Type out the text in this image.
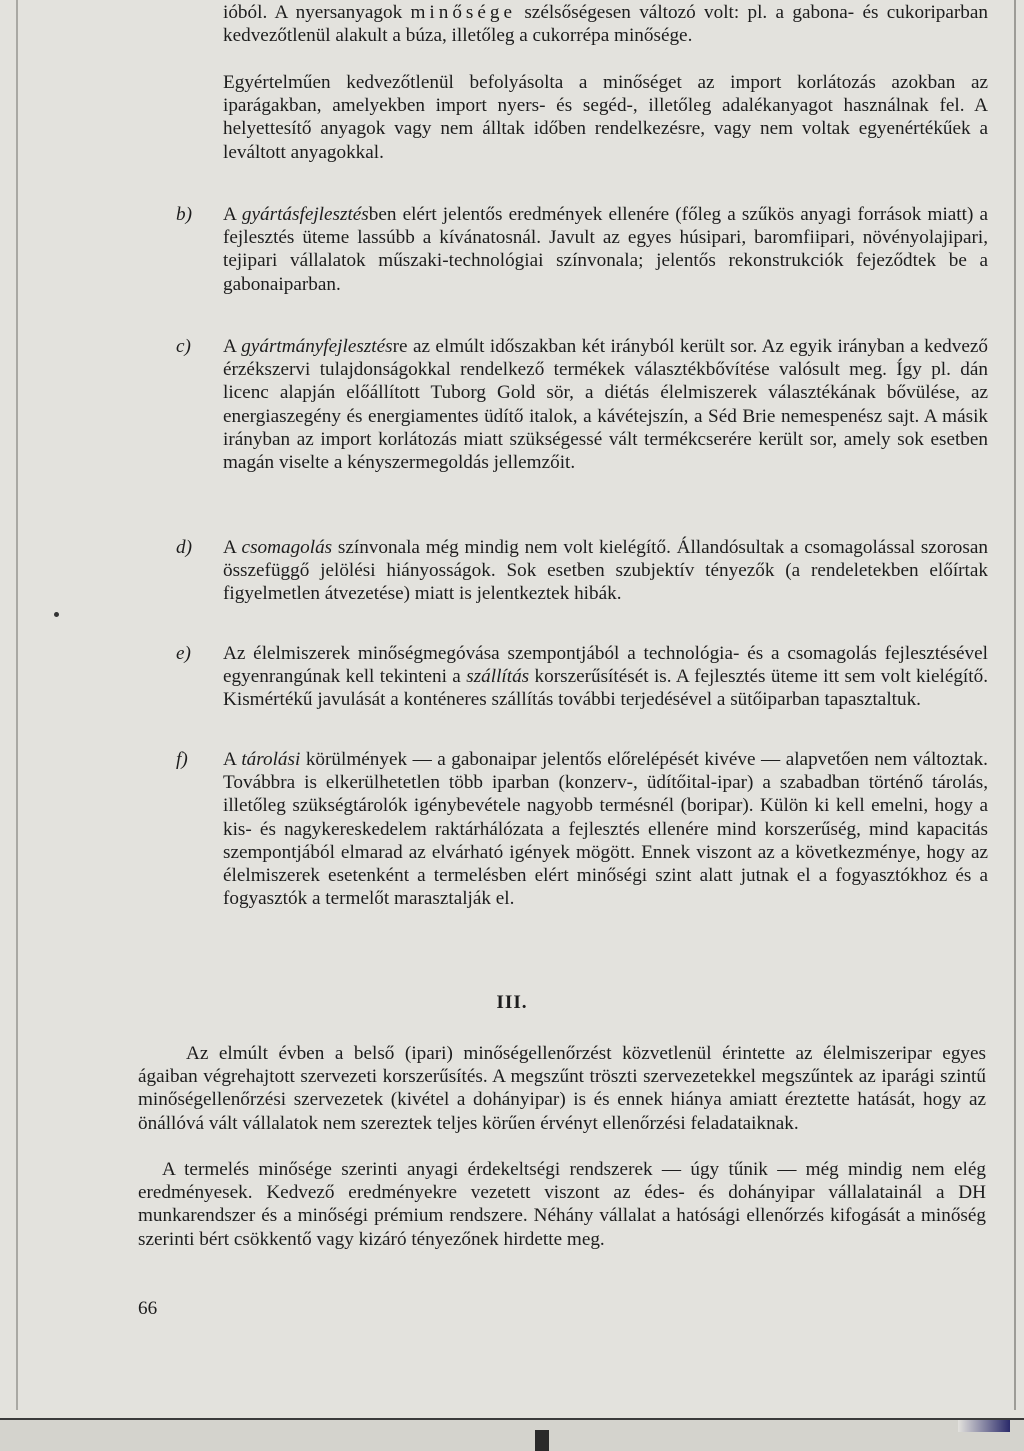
ióból. A nyersanyagok minősége szélsőségesen változó volt: pl. a gabona- és cukoriparban kedvezőtlenül alakult a búza, illetőleg a cukorrépa minősége.
Egyértelműen kedvezőtlenül befolyásolta a minőséget az import korlátozás azokban az iparágakban, amelyekben import nyers- és segéd-, illetőleg adalékanyagot használnak fel. A helyettesítő anyagok vagy nem álltak időben rendelkezésre, vagy nem voltak egyenértékűek a leváltott anyagokkal.
b) A gyártásfejlesztésben elért jelentős eredmények ellenére (főleg a szűkös anyagi források miatt) a fejlesztés üteme lassúbb a kívánatosnál. Javult az egyes húsipari, baromfiipari, növényolajipari, tejipari vállalatok műszaki-technológiai színvonala; jelentős rekonstrukciók fejeződtek be a gabonaiparban.
c) A gyártmányfejlesztésre az elmúlt időszakban két irányból került sor. Az egyik irányban a kedvező érzékszervi tulajdonságokkal rendelkező termékek választékbővítése valósult meg. Így pl. dán licenc alapján előállított Tuborg Gold sör, a diétás élelmiszerek választékának bővülése, az energiaszegény és energiamentes üdítő italok, a kávétejszín, a Séd Brie nemespenész sajt. A másik irányban az import korlátozás miatt szükségessé vált termékcserére került sor, amely sok esetben magán viselte a kényszermegoldás jellemzőit.
d) A csomagolás színvonala még mindig nem volt kielégítő. Állandósultak a csomagolással szorosan összefüggő jelölési hiányosságok. Sok esetben szubjektív tényezők (a rendeletekben előírtak figyelmetlen átvezetése) miatt is jelentkeztek hibák.
e) Az élelmiszerek minőségmegóvása szempontjából a technológia- és a csomagolás fejlesztésével egyenrangúnak kell tekinteni a szállítás korszerűsítését is. A fejlesztés üteme itt sem volt kielégítő. Kismértékű javulását a konténeres szállítás további terjedésével a sütőiparban tapasztaltuk.
f) A tárolási körülmények — a gabonaipar jelentős előrelépését kivéve — alapvetően nem változtak. Továbbra is elkerülhetetlen több iparban (konzerv-, üdítőital-ipar) a szabadban történő tárolás, illetőleg szükségtárolók igénybevétele nagyobb termésnél (boripar). Külön ki kell emelni, hogy a kis- és nagykereskedelem raktárhálózata a fejlesztés ellenére mind korszerűség, mind kapacitás szempontjából elmarad az elvárható igények mögött. Ennek viszont az a következménye, hogy az élelmiszerek esetenként a termelésben elért minőségi szint alatt jutnak el a fogyasztókhoz és a fogyasztók a termelőt marasztalják el.
III.
Az elmúlt évben a belső (ipari) minőségellenőrzést közvetlenül érintette az élelmiszeripar egyes ágaiban végrehajtott szervezeti korszerűsítés. A megszűnt tröszti szervezetekkel megszűntek az iparági szintű minőségellenőrzési szervezetek (kivétel a dohányipar) is és ennek hiánya amiatt éreztette hatását, hogy az önállóvá vált vállalatok nem szereztek teljes körűen érvényt ellenőrzési feladataiknak.
A termelés minősége szerinti anyagi érdekeltségi rendszerek — úgy tűnik — még mindig nem elég eredményesek. Kedvező eredményekre vezetett viszont az édes- és dohányipar vállalatainál a DH munkarendszer és a minőségi prémium rendszere. Néhány vállalat a hatósági ellenőrzés kifogását a minőség szerinti bért csökkentő vagy kizáró tényezőnek hirdette meg.
66
